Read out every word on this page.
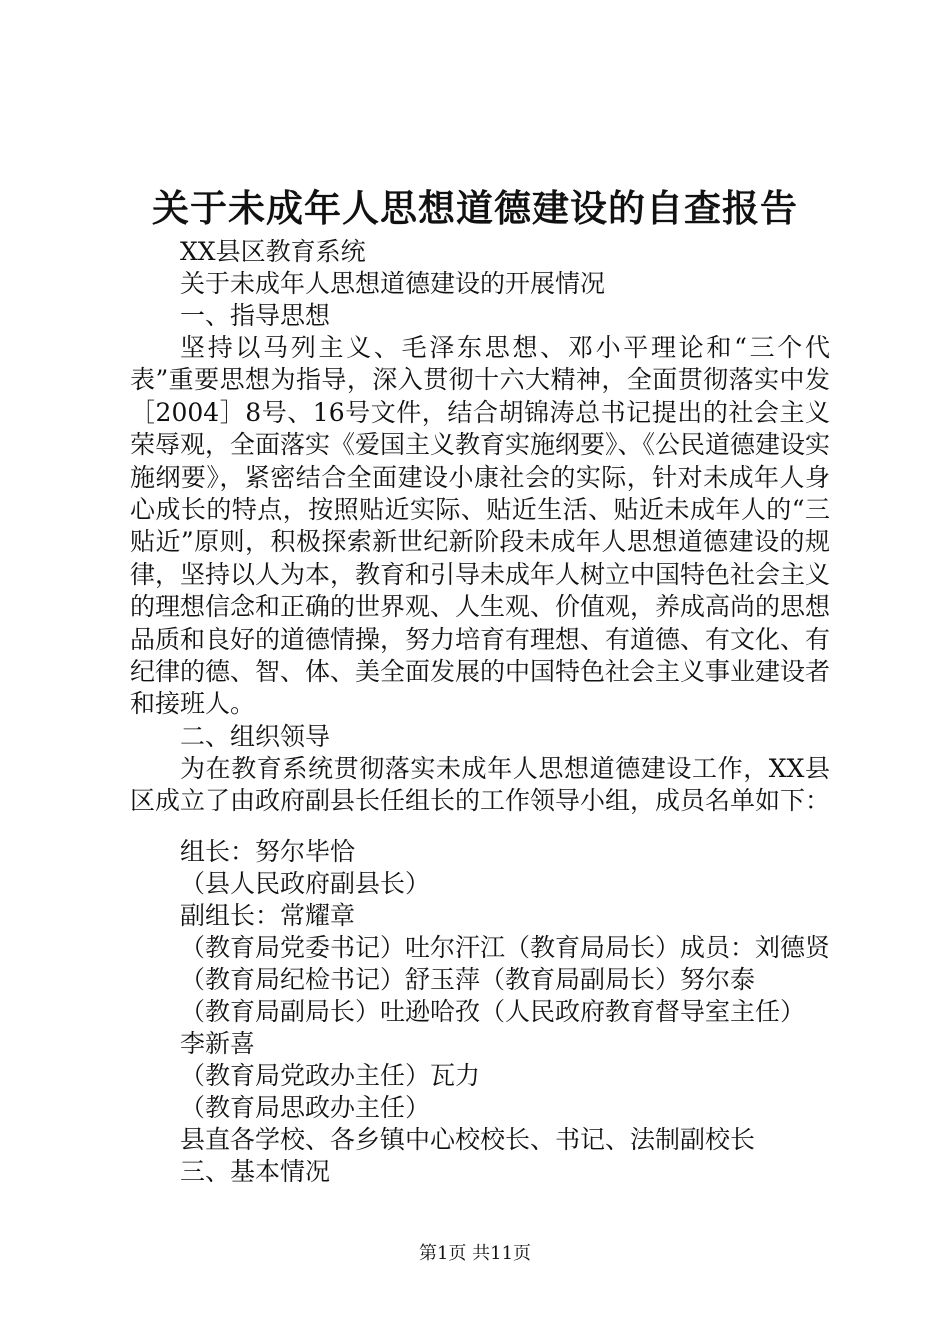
关于未成年人思想道德建设的自查报告

XX县区教育系统

关于未成年人思想道德建设的开展情况

一、指导思想

坚持以马列主义、毛泽东思想、邓小平理论和“三个代表”重要思想为指导，深入贯彻十六大精神，全面贯彻落实中发［2004］8号、16号文件，结合胡锦涛总书记提出的社会主义荣辱观，全面落实《爱国主义教育实施纲要》、《公民道德建设实施纲要》，紧密结合全面建设小康社会的实际，针对未成年人身心成长的特点，按照贴近实际、贴近生活、贴近未成年人的“三贴近”原则，积极探索新世纪新阶段未成年人思想道德建设的规律，坚持以人为本，教育和引导未成年人树立中国特色社会主义的理想信念和正确的世界观、人生观、价值观，养成高尚的思想品质和良好的道德情操，努力培育有理想、有道德、有文化、有纪律的德、智、体、美全面发展的中国特色社会主义事业建设者和接班人。

二、组织领导

为在教育系统贯彻落实未成年人思想道德建设工作，XX县区成立了由政府副县长任组长的工作领导小组，成员名单如下：

组长：努尔毕恰

（县人民政府副县长）

副组长：常耀章

（教育局党委书记）吐尔汗江（教育局局长）成员：刘德贤

（教育局纪检书记）舒玉萍（教育局副局长）努尔泰

（教育局副局长）吐逊哈孜（人民政府教育督导室主任）

李新喜

（教育局党政办主任）瓦力

（教育局思政办主任）

县直各学校、各乡镇中心校校长、书记、法制副校长

三、基本情况

第1页 共11页
